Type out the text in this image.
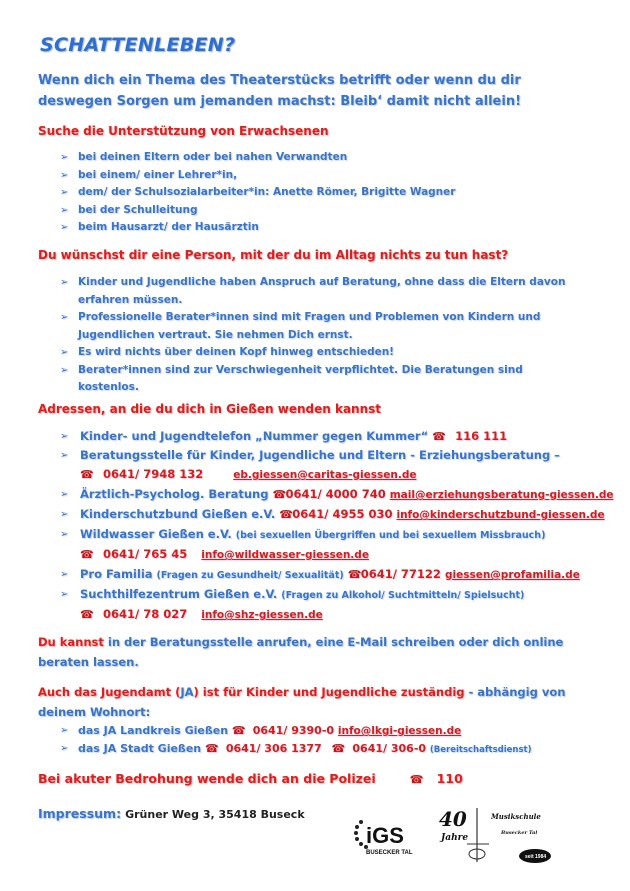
SCHATTENLEBEN?
Wenn dich ein Thema des Theaterstücks betrifft oder wenn du dir deswegen Sorgen um jemanden machst: Bleib‘ damit nicht allein!
Suche die Unterstützung von Erwachsenen
➢ bei deinen Eltern oder bei nahen Verwandten
➢ bei einem/ einer Lehrer*in,
➢ dem/ der Schulsozialarbeiter*in: Anette Römer, Brigitte Wagner
➢ bei der Schulleitung
➢ beim Hausarzt/ der Hausärztin
Du wünschst dir eine Person, mit der du im Alltag nichts zu tun hast?
➢ Kinder und Jugendliche haben Anspruch auf Beratung, ohne dass die Eltern davon erfahren müssen.
➢ Professionelle Berater*innen sind mit Fragen und Problemen von Kindern und Jugendlichen vertraut. Sie nehmen Dich ernst.
➢ Es wird nichts über deinen Kopf hinweg entschieden!
➢ Berater*innen sind zur Verschwiegenheit verpflichtet. Die Beratungen sind kostenlos.
Adressen, an die du dich in Gießen wenden kannst
➢ Kinder- und Jugendtelefon „Nummer gegen Kummer“ ☎ 116 111
➢ Beratungsstelle für Kinder, Jugendliche und Eltern - Erziehungsberatung –
☎ 0641/ 7948 132	eb.giessen@caritas-giessen.de
➢ Ärztlich-Psycholog. Beratung ☎0641/ 4000 740 mail@erziehungsberatung-giessen.de
➢ Kinderschutzbund Gießen e.V. ☎0641/ 4955 030 info@kinderschutzbund-giessen.de
➢ Wildwasser Gießen e.V. (bei sexuellen Übergriffen und bei sexuellem Missbrauch)
☎ 0641/ 765 45 info@wildwasser-giessen.de
➢ Pro Familia (Fragen zu Gesundheit/ Sexualität) ☎0641/ 77122 giessen@profamilia.de
➢ Suchthilfezentrum Gießen e.V. (Fragen zu Alkohol/ Suchtmitteln/ Spielsucht)
☎ 0641/ 78 027 info@shz-giessen.de
Du kannst in der Beratungsstelle anrufen, eine E-Mail schreiben oder dich online beraten lassen.
Auch das Jugendamt (JA) ist für Kinder und Jugendliche zuständig - abhängig von deinem Wohnort:
➢ das JA Landkreis Gießen ☎ 0641/ 9390-0 info@lkgi-giessen.de
➢ das JA Stadt Gießen ☎ 0641/ 306 1377 ☎ 0641/ 306-0 (Bereitschaftsdienst)
Bei akuter Bedrohung wende dich an die Polizei	☎ 110
Impressum: Grüner Weg 3, 35418 Buseck
iGS
BUSECKER TAL
40
Jahre
Musikschule
Busecker Tal
seit 1984
